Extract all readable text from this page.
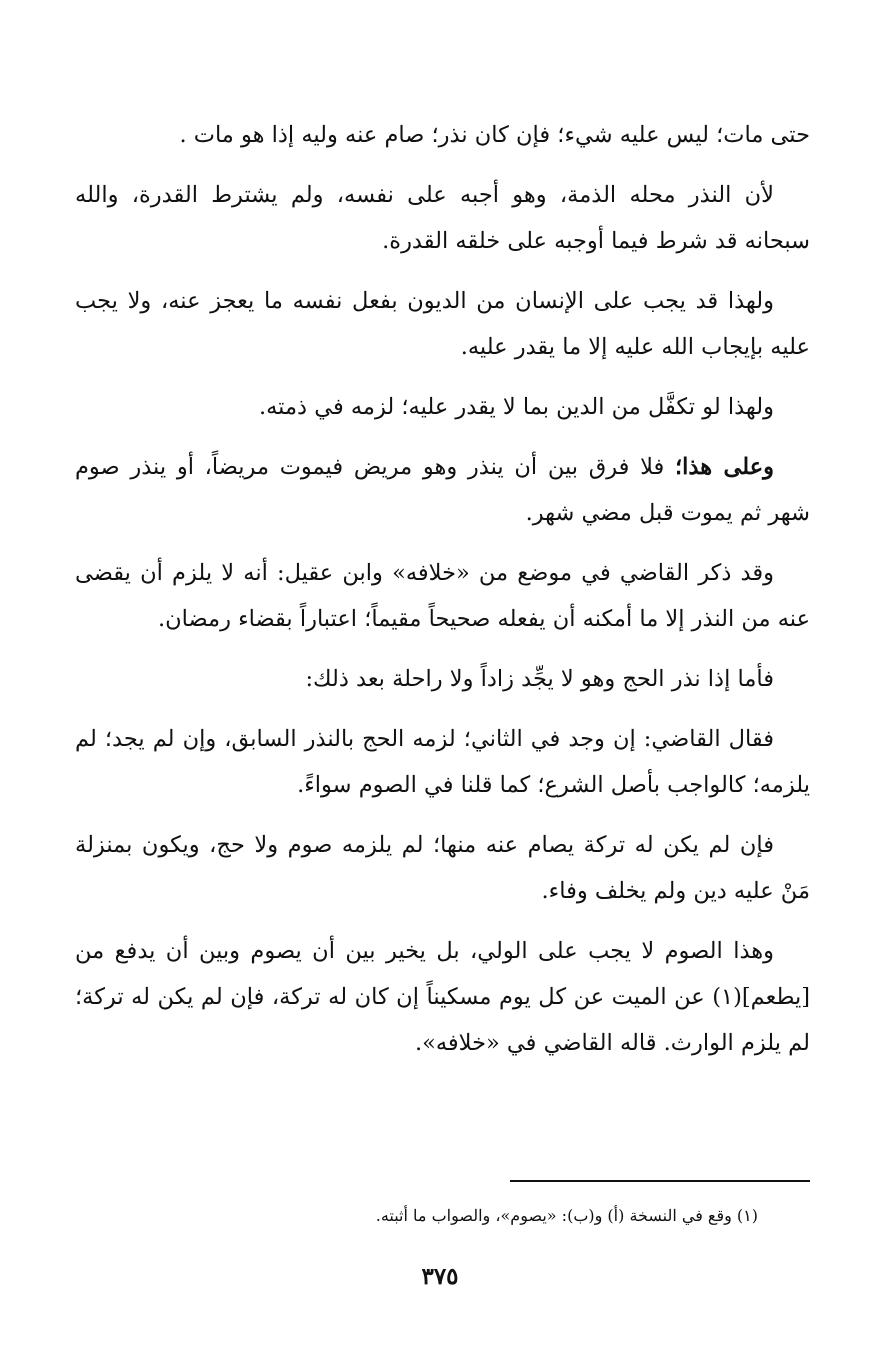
حتى مات؛ ليس عليه شيء؛ فإن كان نذر؛ صام عنه وليه إذا هو مات .

لأن النذر محله الذمة، وهو أجبه على نفسه، ولم يشترط القدرة، والله سبحانه قد شرط فيما أوجبه على خلقه القدرة.

ولهذا قد يجب على الإنسان من الديون بفعل نفسه ما يعجز عنه، ولا يجب عليه بإيجاب الله عليه إلا ما يقدر عليه.

ولهذا لو تكفَّل من الدين بما لا يقدر عليه؛ لزمه في ذمته.

وعلى هذا؛ فلا فرق بين أن ينذر وهو مريض فيموت مريضاً، أو ينذر صوم شهر ثم يموت قبل مضي شهر.

وقد ذكر القاضي في موضع من «خلافه» وابن عقيل: أنه لا يلزم أن يقضى عنه من النذر إلا ما أمكنه أن يفعله صحيحاً مقيماً؛ اعتباراً بقضاء رمضان.

فأما إذا نذر الحج وهو لا يجِّد زاداً ولا راحلة بعد ذلك:

فقال القاضي: إن وجد في الثاني؛ لزمه الحج بالنذر السابق، وإن لم يجد؛ لم يلزمه؛ كالواجب بأصل الشرع؛ كما قلنا في الصوم سواءً.

فإن لم يكن له تركة يصام عنه منها؛ لم يلزمه صوم ولا حج، ويكون بمنزلة مَنْ عليه دين ولم يخلف وفاء.

وهذا الصوم لا يجب على الولي، بل يخير بين أن يصوم وبين أن يدفع من [يطعم](١) عن الميت عن كل يوم مسكيناً إن كان له تركة، فإن لم يكن له تركة؛ لم يلزم الوارث. قاله القاضي في «خلافه».

(١) وقع في النسخة (أ) و(ب): «يصوم»، والصواب ما أثبته.
٣٧٥
